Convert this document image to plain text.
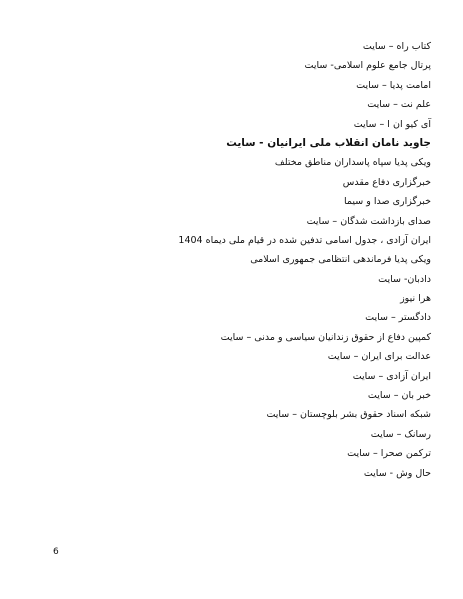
کتاب راه – سایت
پرتال جامع علوم اسلامی- سایت
امامت پدیا – سایت
علم نت – سایت
آی کیو ان ا – سایت
جاوید نامان انقلاب ملی ایرانیان - سایت
ویکی پدیا سپاه پاسداران مناطق مختلف
خبرگزاری دفاع مقدس
خبرگزاری صدا و سیما
صدای بازداشت شدگان – سایت
ایران آزادی ، جدول اسامی تدفین شده در قیام ملی دیماه 1404
ویکی پدیا فرماندهی انتظامی جمهوری اسلامی
دادبان- سایت
هرا نیوز
دادگستر – سایت
کمپین دفاع از حقوق زندانیان سیاسی و مدنی – سایت
عدالت برای ایران – سایت
ایران آزادی – سایت
خبر بان – سایت
شبکه اسناد حقوق بشر بلوچستان – سایت
رسانک – سایت
ترکمن صحرا – سایت
حال وش - سایت
6
